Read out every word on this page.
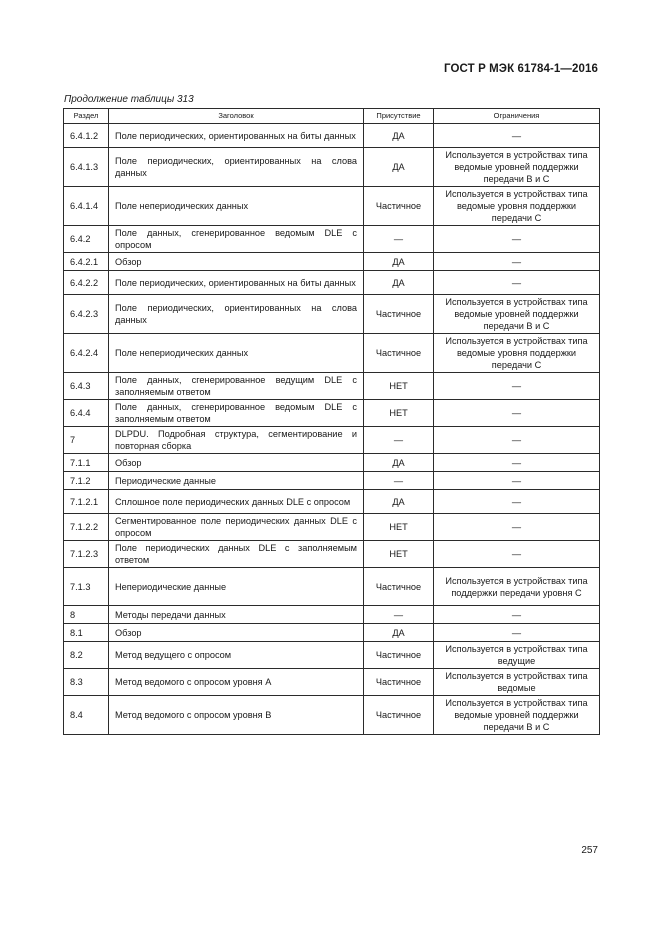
ГОСТ Р МЭК 61784-1—2016
Продолжение таблицы 313
Раздел	Заголовок	Присутствие	Ограничения
6.4.1.2	Поле периодических, ориентированных на биты данных	ДА	—
6.4.1.3	Поле периодических, ориентированных на слова данных	ДА	Используется в устройствах типа ведомые уровней поддержки передачи В и С
6.4.1.4	Поле непериодических данных	Частичное	Используется в устройствах типа ведомые уровня поддержки передачи С
6.4.2	Поле данных, сгенерированное ведомым DLE с опросом	—	—
6.4.2.1	Обзор	ДА	—
6.4.2.2	Поле периодических, ориентированных на биты данных	ДА	—
6.4.2.3	Поле периодических, ориентированных на слова данных	Частичное	Используется в устройствах типа ведомые уровней поддержки передачи В и С
6.4.2.4	Поле непериодических данных	Частичное	Используется в устройствах типа ведомые уровня поддержки передачи С
6.4.3	Поле данных, сгенерированное ведущим DLE с заполняемым ответом	НЕТ	—
6.4.4	Поле данных, сгенерированное ведомым DLE с заполняемым ответом	НЕТ	—
7	DLPDU. Подробная структура, сегментирование и повторная сборка	—	—
7.1.1	Обзор	ДА	—
7.1.2	Периодические данные	—	—
7.1.2.1	Сплошное поле периодических данных DLE с опросом	ДА	—
7.1.2.2	Сегментированное поле периодических данных DLE с опросом	НЕТ	—
7.1.2.3	Поле периодических данных DLE с заполняемым ответом	НЕТ	—
7.1.3	Непериодические данные	Частичное	Используется в устройствах типа поддержки передачи уровня С
8	Методы передачи данных	—	—
8.1	Обзор	ДА	—
8.2	Метод ведущего с опросом	Частичное	Используется в устройствах типа ведущие
8.3	Метод ведомого с опросом уровня А	Частичное	Используется в устройствах типа ведомые
8.4	Метод ведомого с опросом уровня В	Частичное	Используется в устройствах типа ведомые уровней поддержки передачи В и С
257
